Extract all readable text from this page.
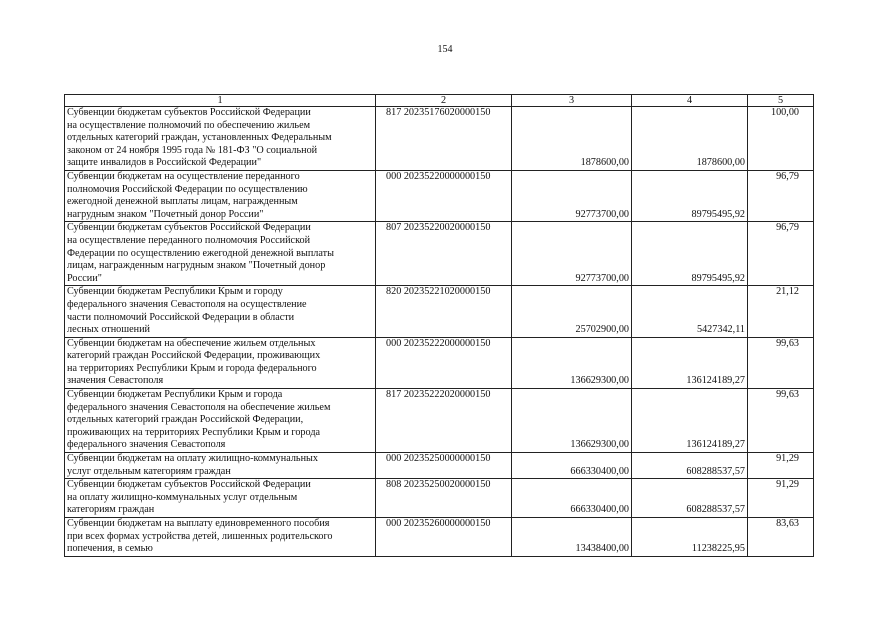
154
1	2	3	4	5

Субвенции бюджетам субъектов Российской Федерации
на осуществление полномочий по обеспечению жильем
отдельных категорий граждан, установленных Федеральным
законом от 24 ноября 1995 года № 181-ФЗ "О социальной
защите инвалидов в Российской Федерации"	817 20235176020000150	1878600,00	1878600,00	100,00

Субвенции бюджетам на осуществление переданного
полномочия Российской Федерации по осуществлению
ежегодной денежной выплаты лицам, награжденным
нагрудным знаком "Почетный донор России"	000 20235220000000150	92773700,00	89795495,92	96,79

Субвенции бюджетам субъектов Российской Федерации
на осуществление переданного полномочия Российской
Федерации по осуществлению ежегодной денежной выплаты
лицам, награжденным нагрудным знаком "Почетный донор
России"	807 20235220020000150	92773700,00	89795495,92	96,79

Субвенции бюджетам Республики Крым и городу
федерального значения Севастополя на осуществление
части полномочий Российской Федерации в области
лесных отношений	820 20235221020000150	25702900,00	5427342,11	21,12

Субвенции бюджетам на обеспечение жильем отдельных
категорий граждан Российской Федерации, проживающих
на территориях Республики Крым и города федерального
значения Севастополя	000 20235222000000150	136629300,00	136124189,27	99,63

Субвенции бюджетам Республики Крым и города
федерального значения Севастополя на обеспечение жильем
отдельных категорий граждан Российской Федерации,
проживающих на территориях Республики Крым и города
федерального значения Севастополя	817 20235222020000150	136629300,00	136124189,27	99,63

Субвенции бюджетам на оплату жилищно-коммунальных
услуг отдельным категориям граждан	000 20235250000000150	666330400,00	608288537,57	91,29

Субвенции бюджетам субъектов Российской Федерации
на оплату жилищно-коммунальных услуг отдельным
категориям граждан	808 20235250020000150	666330400,00	608288537,57	91,29

Субвенции бюджетам на выплату единовременного пособия
при всех формах устройства детей, лишенных родительского
попечения, в семью	000 20235260000000150	13438400,00	11238225,95	83,63
